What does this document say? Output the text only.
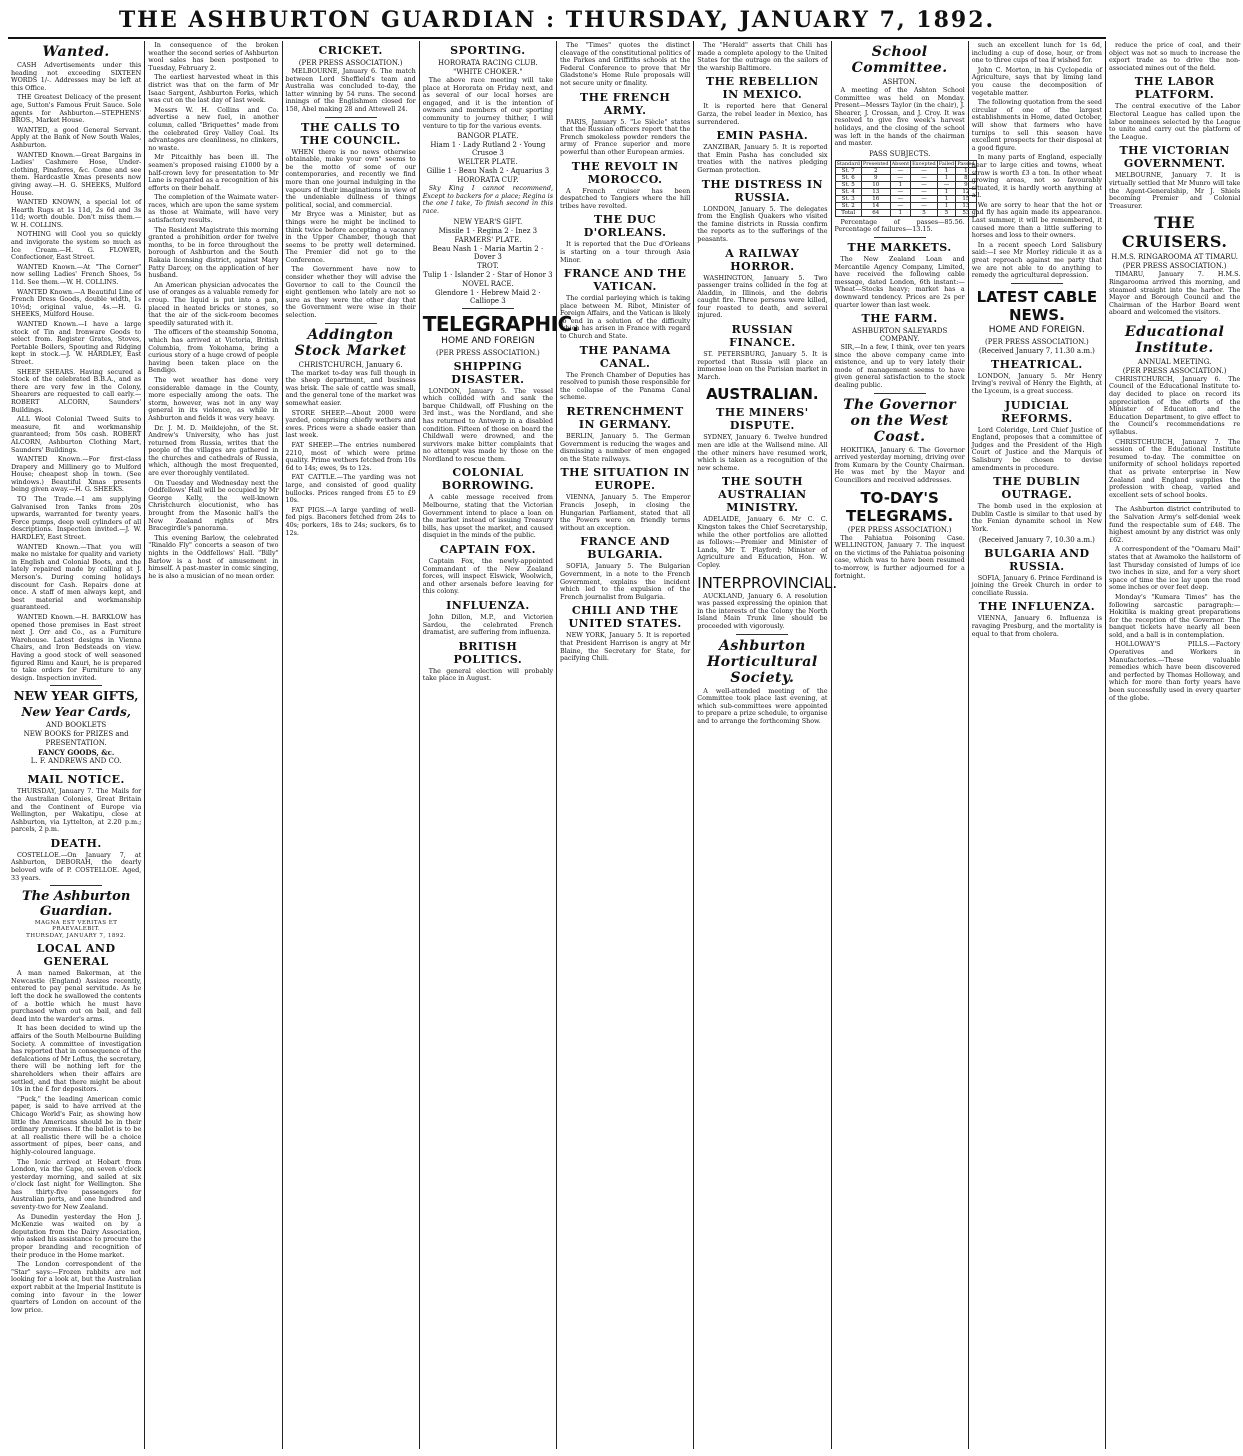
THE ASHBURTON GUARDIAN : THURSDAY, JANUARY 7, 1892.
Wanted.

CASH Advertisements under this heading not exceeding SIXTEEN WORDS 1/-. Addresses may be left at this Office.

THE Greatest Delicacy of the present age, Sutton's Famous Fruit Sauce. Sole agents for Ashburton.—STEPHENS' BROS., Market House.

WANTED, a good General Servant. Apply at the Bank of New South Wales, Ashburton.

WANTED Known.—Great Bargains in Ladies' Cashmere Hose, Under-clothing, Pinafores, &c. Come and see them. Hardcastle Xmas presents now giving away.—H. G. SHEEKS, Mulford House.

WANTED KNOWN, a special lot of Hearth Rugs at 1s 11d, 2s 6d and 3s 11d; worth double. Don't miss them.—W. H. COLLINS.

NOTHING will Cool you so quickly and invigorate the system so much as Ice Cream.—H. G. FLOWER, Confectioner, East Street.

WANTED Known.—At "The Corner" now selling Ladies' French Shoes, 5s 11d. See them.—W. H. COLLINS.

WANTED Known.—A Beautiful Line of French Dress Goods, double width, 1s 10½d; original value, 4s.—H. G. SHEEKS, Mulford House.

WANTED Known.—I have a large stock of Tin and Ironware Goods to select from. Register Grates, Stoves, Portable Boilers, Spouting and Ridging kept in stock.—J. W. HARDLEY, East Street.

SHEEP SHEARS. Having secured a Stock of the celebrated B.B.A., and as there are very few in the Colony, Shearers are requested to call early.—ROBERT ALCORN, Saunders' Buildings.

ALL Wool Colonial Tweed Suits to measure, fit and workmanship guaranteed; from 50s cash. ROBERT ALCORN, Ashburton Clothing Mart, Saunders' Buildings.

WANTED Known.—For first-class Drapery and Millinery go to Mulford House; cheapest shop in town. (See windows.) Beautiful Xmas presents being given away.—H. G. SHEEKS.

TO The Trade.—I am supplying Galvanised Iron Tanks from 20s upwards, warranted for twenty years. Force pumps, deep well cylinders of all descriptions. Inspection invited.—J. W. HARDLEY, East Street.

WANTED Known.—That you will make no mistake for quality and variety in English and Colonial Boots, and the lately repaired made by calling at J. Merson's. During coming holidays discount for Cash. Repairs done at once. A staff of men always kept, and best material and workmanship guaranteed.

WANTED Known.—H. BARKLOW has opened those premises in East street next J. Orr and Co., as a Furniture Warehouse. Latest designs in Vienna Chairs, and Iron Bedsteads on view. Having a good stock of well seasoned figured Rimu and Kauri, he is prepared to take orders for Furniture to any design. Inspection invited.

NEW YEAR GIFTS,
New Year Cards,
AND BOOKLETS
NEW BOOKS for PRIZES and PRESENTATION.
FANCY GOODS, &c.
L. F. ANDREWS AND CO.
MAIL NOTICE.

THURSDAY, January 7. The Mails for the Australian Colonies, Great Britain and the Continent of Europe via Wellington, per Wakatipu, close at Ashburton, via Lyttelton, at 2.20 p.m.; parcels, 2 p.m.

DEATH.

COSTELLOE.—On January 7, at Ashburton, DEBORAH, the dearly beloved wife of P. COSTELLOE. Aged, 33 years.

The Ashburton Guardian.
MAGNA EST VERITAS ET PRAEVALEBIT.
THURSDAY, JANUARY 7, 1892.
LOCAL AND GENERAL

A man named Bakerman, at the Newcastle (England) Assizes recently, entered to pay penal servitude. As he left the dock he swallowed the contents of a bottle which he must have purchased when out on bail, and fell dead into the warder's arms.

It has been decided to wind up the affairs of the South Melbourne Building Society. A committee of investigation has reported that in consequence of the defalcations of Mr Loftus, the secretary, there will be nothing left for the shareholders when their affairs are settled, and that there might be about 10s in the £ for depositors.

"Puck," the leading American comic paper, is said to have arrived at the Chicago World's Fair, as showing how little the Americans should be in their ordinary premises. If the ballot is to be at all realistic there will be a choice assortment of pipes, beer cans, and highly-coloured language.

The Ionic arrived at Hobart from London, via the Cape, on seven o'clock yesterday morning, and sailed at six o'clock last night for Wellington. She has thirty-five passengers for Australian ports, and one hundred and seventy-two for New Zealand.

As Dunedin yesterday the Hon J. McKenzie was waited on by a deputation from the Dairy Association, who asked his assistance to procure the proper branding and recognition of their produce in the Home market.

The London correspondent of the "Star" says:—Frozen rabbits are not looking for a look at, but the Australian export rabbit at the Imperial Institute is coming into favour in the lower quarters of London on account of the low price.

In consequence of the broken weather the second series of Ashburton wool sales has been postponed to Tuesday, February 2.

The earliest harvested wheat in this district was that on the farm of Mr Isaac Sargent, Ashburton Forks, which was cut on the last day of last week.

Messrs W. H. Collins and Co. advertise a new fuel, in another column, called "Briquettes" made from the celebrated Grey Valley Coal. Its advantages are cleanliness, no clinkers, no waste.

Mr Pitcaithly has been ill. The seamen's proposed raising £1000 by a half-crown levy for presentation to Mr Lane is regarded as a recognition of his efforts on their behalf.

The completion of the Waimate water-races, which are upon the same system as those at Waimate, will have very satisfactory results.

The Resident Magistrate this morning granted a prohibition order for twelve months, to be in force throughout the borough of Ashburton and the South Rakaia licensing district, against Mary Patty Darcey, on the application of her husband.

An American physician advocates the use of oranges as a valuable remedy for croup. The liquid is put into a pan, placed in heated bricks or stones, so that the air of the sick-room becomes speedily saturated with it.

The officers of the steamship Sonoma, which has arrived at Victoria, British Columbia, from Yokohama, bring a curious story of a huge crowd of people having been taken place on the Bendigo.

The wet weather has done very considerable damage in the County, more especially among the oats. The storm, however, was not in any way general in its violence, as while in Ashburton and fields it was very heavy.

Dr. J. M. D. Meiklejohn, of the St. Andrew's University, who has just returned from Russia, writes that the people of the villages are gathered in the churches and cathedrals of Russia, which, although the most frequented, are ever thoroughly ventilated.

On Tuesday and Wednesday next the Oddfellows' Hall will be occupied by Mr George Kelly, the well-known Christchurch elocutionist, who has brought from the Masonic hall's the New Zealand rights of Mrs Bracegirdle's panorama.

This evening Barlow, the celebrated "Rinaldo Fly" concerts a season of two nights in the Oddfellows' Hall. "Billy" Barlow is a host of amusement in himself. A past-master in comic singing, he is also a musician of no mean order.

CRICKET.
(PER PRESS ASSOCIATION.)

MELBOURNE, January 6. The match between Lord Sheffield's team and Australia was concluded to-day, the latter winning by 54 runs. The second innings of the Englishmen closed for 158, Abel making 28 and Attewell 24.

THE CALLS TO THE COUNCIL.

WHEN there is no news otherwise obtainable, make your own" seems to be the motto of some of our contemporaries, and recently we find more than one journal indulging in the vapours of their imaginations in view of the undeniable dullness of things political, social, and commercial.

Mr Bryce was a Minister, but as things were he might be inclined to think twice before accepting a vacancy in the Upper Chamber, though that seems to be pretty well determined. The Premier did not go to the Conference.

The Government have now to consider whether they will advise the Governor to call to the Council the eight gentlemen who lately are not so sure as they were the other day that the Government were wise in their selection.

Addington Stock Market
CHRISTCHURCH, January 6.

The market to-day was full though in the sheep department, and business was brisk. The sale of cattle was small, and the general tone of the market was somewhat easier.

STORE SHEEP.—About 2000 were yarded, comprising chiefly wethers and ewes. Prices were a shade easier than last week.

FAT SHEEP.—The entries numbered 2210, most of which were prime quality. Prime wethers fetched from 10s 6d to 14s; ewes, 9s to 12s.

FAT CATTLE.—The yarding was not large, and consisted of good quality bullocks. Prices ranged from £5 to £9 10s.

FAT PIGS.—A large yarding of well-fed pigs. Baconers fetched from 24s to 40s; porkers, 18s to 24s; suckers, 6s to 12s.

SPORTING.
HORORATA RACING CLUB.
"WHITE CHOKER."

The above race meeting will take place at Hororata on Friday next, and as several of our local horses are engaged, and it is the intention of owners and members of our sporting community to journey thither, I will venture to tip for the various events.

BANGOR PLATE.
Hiam 1 · Lady Rutland 2 · Young Crusoe 3
WELTER PLATE.
Gillie 1 · Beau Nash 2 · Aquarius 3
HORORATA CUP.

Sky King I cannot recommend, Except to backers for a place; Regina is the one I take, To finish second in this race.

NEW YEAR'S GIFT.
Missile 1 · Regina 2 · Inez 3
FARMERS' PLATE.
Beau Nash 1 · Maria Martin 2 · Dover 3
TROT.
Tulip 1 · Islander 2 · Star of Honor 3
NOVEL RACE.
Glendore 1 · Hebrew Maid 2 · Calliope 3
TELEGRAPHIC.
HOME AND FOREIGN
(PER PRESS ASSOCIATION.)
SHIPPING DISASTER.

LONDON, January 5. The vessel which collided with and sank the barque Childwall, off Flushing on the 3rd inst., was the Nordland, and she has returned to Antwerp in a disabled condition. Fifteen of those on board the Childwall were drowned, and the survivors make bitter complaints that no attempt was made by those on the Nordland to rescue them.

COLONIAL BORROWING.

A cable message received from Melbourne, stating that the Victorian Government intend to place a loan on the market instead of issuing Treasury bills, has upset the market, and caused disquiet in the minds of the public.

CAPTAIN FOX.

Captain Fox, the newly-appointed Commandant of the New Zealand forces, will inspect Elswick, Woolwich, and other arsenals before leaving for this colony.

INFLUENZA.

John Dillon, M.P., and Victorien Sardou, the celebrated French dramatist, are suffering from influenza.

BRITISH POLITICS.

The general election will probably take place in August.

The "Times" quotes the distinct cleavage of the constitutional politics of the Parkes and Griffiths schools at the Federal Conference to prove that Mr Gladstone's Home Rule proposals will not secure unity or finality.

THE FRENCH ARMY.

PARIS, January 5. "Le Siècle" states that the Russian officers report that the French smokeless powder renders the army of France superior and more powerful than other European armies.

THE REVOLT IN MOROCCO.

A French cruiser has been despatched to Tangiers where the hill tribes have revolted.

THE DUC D'ORLEANS.

It is reported that the Duc d'Orleans is starting on a tour through Asia Minor.

FRANCE AND THE VATICAN.

The cordial parleying which is taking place between M. Ribot, Minister of Foreign Affairs, and the Vatican is likely to end in a solution of the difficulty which has arisen in France with regard to Church and State.

THE PANAMA CANAL.

The French Chamber of Deputies has resolved to punish those responsible for the collapse of the Panama Canal scheme.

RETRENCHMENT IN GERMANY.

BERLIN, January 5. The German Government is reducing the wages and dismissing a number of men engaged on the State railways.

THE SITUATION IN EUROPE.

VIENNA, January 5. The Emperor Francis Joseph, in closing the Hungarian Parliament, stated that all the Powers were on friendly terms without an exception.

FRANCE AND BULGARIA.

SOFIA, January 5. The Bulgarian Government, in a note to the French Government, explains the incident which led to the expulsion of the French journalist from Bulgaria.

CHILI AND THE UNITED STATES.

NEW YORK, January 5. It is reported that President Harrison is angry at Mr Blaine, the Secretary for State, for pacifying Chili.

The "Herald" asserts that Chili has made a complete apology to the United States for the outrage on the sailors of the warship Baltimore.

THE REBELLION IN MEXICO.

It is reported here that General Garza, the rebel leader in Mexico, has surrendered.

EMIN PASHA.

ZANZIBAR, January 5. It is reported that Emin Pasha has concluded six treaties with the natives pledging German protection.

THE DISTRESS IN RUSSIA.

LONDON, January 5. The delegates from the English Quakers who visited the famine districts in Russia confirm the reports as to the sufferings of the peasants.

A RAILWAY HORROR.

WASHINGTON, January 5. Two passenger trains collided in the fog at Aladdin, in Illinois, and the debris caught fire. Three persons were killed, four roasted to death, and several injured.

RUSSIAN FINANCE.

ST. PETERSBURG, January 5. It is reported that Russia will place an immense loan on the Parisian market in March.

AUSTRALIAN.
THE MINERS' DISPUTE.

SYDNEY, January 6. Twelve hundred men are idle at the Wallsend mine. All the other miners have resumed work, which is taken as a recognition of the new scheme.

THE SOUTH AUSTRALIAN MINISTRY.

ADELAIDE, January 6. Mr C. C. Kingston takes the Chief Secretaryship, while the other portfolios are allotted as follows:—Premier and Minister of Lands, Mr T. Playford; Minister of Agriculture and Education, Hon. W. Copley.

INTERPROVINCIAL.

AUCKLAND, January 6. A resolution was passed expressing the opinion that in the interests of the Colony the North Island Main Trunk line should be proceeded with vigorously.

Ashburton Horticultural Society.

A well-attended meeting of the Committee took place last evening, at which sub-committees were appointed to prepare a prize schedule, to organise and to arrange the forthcoming Show.

School Committee.
ASHTON.

A meeting of the Ashton School Committee was held on Monday. Present—Messrs Taylor (in the chair), J. Shearer, J. Crossan, and J. Croy. It was resolved to give five week's harvest holidays, and the closing of the school was left in the hands of the chairman and master.

PASS SUBJECTS.
Standard	Presented	Absent	Excepted	Failed	Passed
St. 7	2	—	—	1	1
St. 6	9	—	—	1	8
St. 5	10	1	—	—	9
St. 4	13	—	—	1	12
St. 3	16	—	—	1	15
St. 2	14	—	—	1	13
Total	64	1	5	5	53

Percentage of passes—85.56. Percentage of failures—13.15.

THE MARKETS.

The New Zealand Loan and Mercantile Agency Company, Limited, have received the following cable message, dated London, 6th instant:—Wheat—Stocks heavy; market has a downward tendency. Prices are 2s per quarter lower than last week.

THE FARM.
ASHBURTON SALEYARDS COMPANY.

SIR,—In a few, I think, over ten years since the above company came into existence, and up to very lately their mode of management seems to have given general satisfaction to the stock dealing public.

The Governor on the West Coast.

HOKITIKA, January 6. The Governor arrived yesterday morning, driving over from Kumara by the County Chairman. He was met by the Mayor and Councillors and received addresses.

TO-DAY'S TELEGRAMS.
(PER PRESS ASSOCIATION.)

The Pahiatua Poisoning Case. WELLINGTON, January 7. The inquest on the victims of the Pahiatua poisoning case, which was to have been resumed to-morrow, is further adjourned for a fortnight.

such an excellent lunch for 1s 6d, including a cup of dose, hour, or from one to three cups of tea if wished for.

John C. Morton, in his Cyclopedia of Agriculture, says that by liming land you cause the decomposition of vegetable matter.

The following quotation from the seed circular of one of the largest establishments in Home, dated October, will show that farmers who have turnips to sell this season have excellent prospects for their disposal at a good figure.

In many parts of England, especially near to large cities and towns, wheat straw is worth £3 a ton. In other wheat growing areas, not so favourably situated, it is hardly worth anything at all.

We are sorry to hear that the hot or gad fly has again made its appearance. Last summer, it will be remembered, it caused more than a little suffering to horses and loss to their owners.

In a recent speech Lord Salisbury said:—I see Mr Morley ridicule it as a great reproach against me party that we are not able to do anything to remedy the agricultural depression.

LATEST CABLE NEWS.
HOME AND FOREIGN.
(PER PRESS ASSOCIATION.)
(Received January 7, 11.30 a.m.)
THEATRICAL.

LONDON, January 5. Mr Henry Irving's revival of Henry the Eighth, at the Lyceum, is a great success.

JUDICIAL REFORMS.

Lord Coleridge, Lord Chief Justice of England, proposes that a committee of Judges and the President of the High Court of Justice and the Marquis of Salisbury be chosen to devise amendments in procedure.

THE DUBLIN OUTRAGE.

The bomb used in the explosion at Dublin Castle is similar to that used by the Fenian dynamite school in New York.

(Received January 7, 10.30 a.m.)
BULGARIA AND RUSSIA.

SOFIA, January 6. Prince Ferdinand is joining the Greek Church in order to conciliate Russia.

THE INFLUENZA.

VIENNA, January 6. Influenza is ravaging Presburg, and the mortality is equal to that from cholera.

reduce the price of coal, and their object was not so much to increase the export trade as to drive the non-associated mines out of the field.

THE LABOR PLATFORM.

The central executive of the Labor Electoral League has called upon the labor nominees selected by the League to unite and carry out the platform of the League.

THE VICTORIAN GOVERNMENT.

MELBOURNE, January 7. It is virtually settled that Mr Munro will take the Agent-Generalship, Mr J. Shiels becoming Premier and Colonial Treasurer.

THE CRUISERS.
H.M.S. RINGAROOMA AT TIMARU.
(PER PRESS ASSOCIATION.)

TIMARU, January 7. H.M.S. Ringarooma arrived this morning, and steamed straight into the harbor. The Mayor and Borough Council and the Chairman of the Harbor Board went aboard and welcomed the visitors.

Educational Institute.
ANNUAL MEETING.
(PER PRESS ASSOCIATION.)

CHRISTCHURCH, January 6. The Council of the Educational Institute to-day decided to place on record its appreciation of the efforts of the Minister of Education and the Education Department, to give effect to the Council's recommendations re syllabus.

CHRISTCHURCH, January 7. The session of the Educational Institute resumed to-day. The committee on uniformity of school holidays reported that as private enterprise in New Zealand and England supplies the profession with cheap, varied and excellent sets of school books.

The Ashburton district contributed to the Salvation Army's self-denial week fund the respectable sum of £48. The highest amount by any district was only £62.

A correspondent of the "Oamaru Mail" states that at Awamoko the hailstorm of last Thursday consisted of lumps of ice two inches in size, and for a very short space of time the ice lay upon the road some inches or over feet deep.

Monday's "Kumara Times" has the following sarcastic paragraph:—Hokitika is making great preparations for the reception of the Governor. The banquet tickets have nearly all been sold, and a ball is in contemplation.

HOLLOWAY'S PILLS.—Factory Operatives and Workers in Manufactories.—These valuable remedies which have been discovered and perfected by Thomas Holloway, and which for more than forty years have been successfully used in every quarter of the globe.
